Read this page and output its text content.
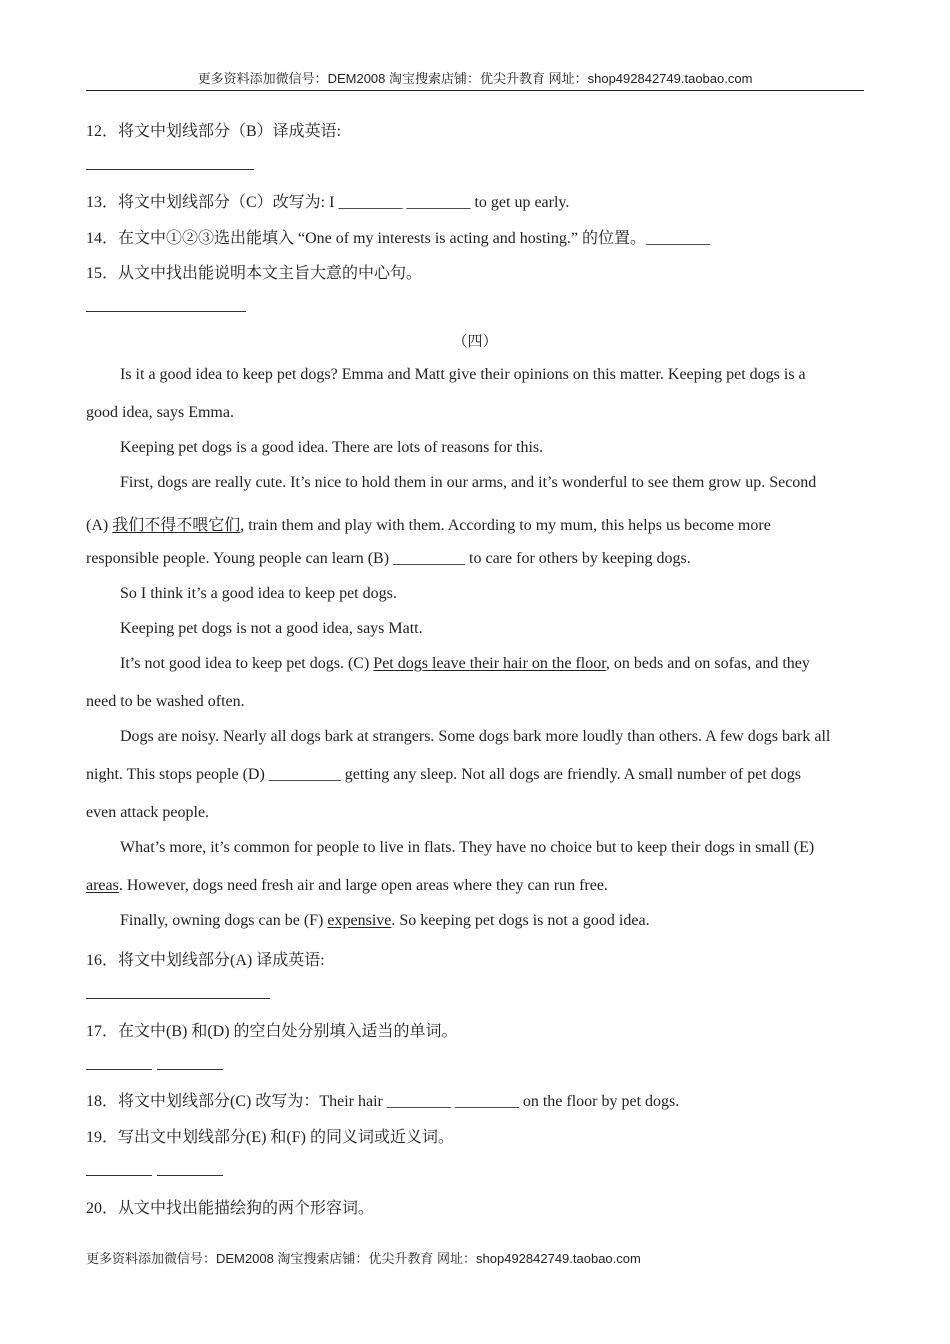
更多资料添加微信号：DEM2008 淘宝搜索店铺：优尖升教育 网址：shop492842749.taobao.com
12．将文中划线部分（B）译成英语:
13．将文中划线部分（C）改写为: I ________ ________ to get up early.
14．在文中①②③选出能填入 “One of my interests is acting and hosting.” 的位置。________
15．从文中找出能说明本文主旨大意的中心句。
（四）
Is it a good idea to keep pet dogs? Emma and Matt give their opinions on this matter. Keeping pet dogs is a
good idea, says Emma.
Keeping pet dogs is a good idea. There are lots of reasons for this.
First, dogs are really cute. It’s nice to hold them in our arms, and it’s wonderful to see them grow up. Second
(A) 我们不得不喂它们, train them and play with them. According to my mum, this helps us become more
responsible people. Young people can learn (B) _________ to care for others by keeping dogs.
So I think it’s a good idea to keep pet dogs.
Keeping pet dogs is not a good idea, says Matt.
It’s not good idea to keep pet dogs. (C) Pet dogs leave their hair on the floor, on beds and on sofas, and they
need to be washed often.
Dogs are noisy. Nearly all dogs bark at strangers. Some dogs bark more loudly than others. A few dogs bark all
night. This stops people (D) _________ getting any sleep. Not all dogs are friendly. A small number of pet dogs
even attack people.
What’s more, it’s common for people to live in flats. They have no choice but to keep their dogs in small (E)
areas. However, dogs need fresh air and large open areas where they can run free.
Finally, owning dogs can be (F) expensive. So keeping pet dogs is not a good idea.
16．将文中划线部分(A) 译成英语:
17．在文中(B) 和(D) 的空白处分别填入适当的单词。
18．将文中划线部分(C) 改写为：Their hair ________ ________ on the floor by pet dogs.
19．写出文中划线部分(E) 和(F) 的同义词或近义词。
20．从文中找出能描绘狗的两个形容词。
更多资料添加微信号：DEM2008 淘宝搜索店铺：优尖升教育 网址：shop492842749.taobao.com
